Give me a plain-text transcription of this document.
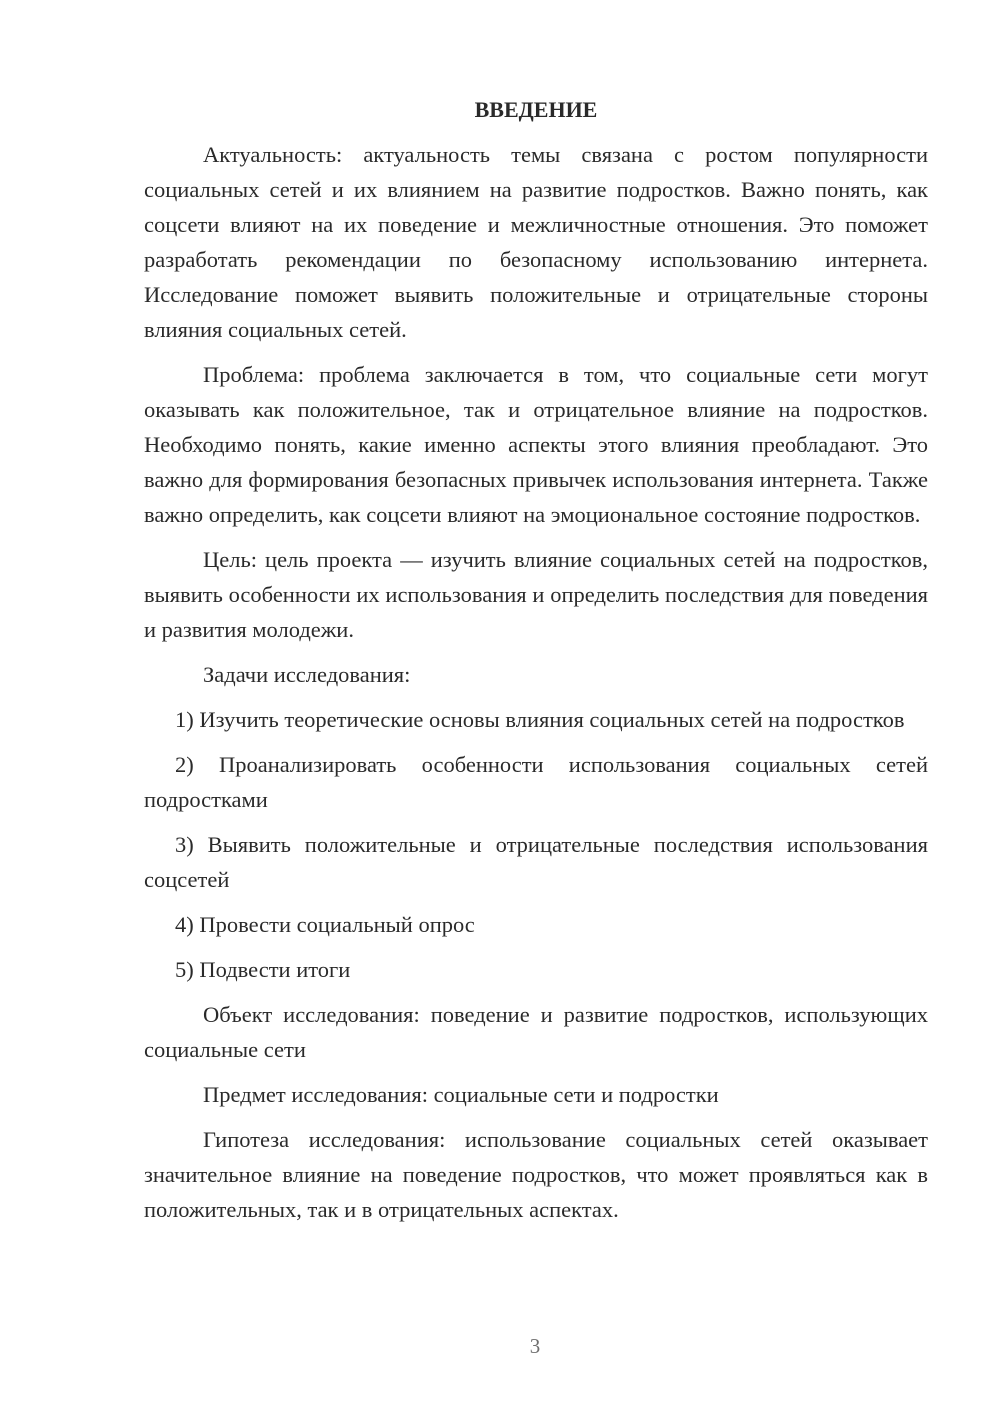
ВВЕДЕНИЕ

Актуальность: актуальность темы связана с ростом популярности социальных сетей и их влиянием на развитие подростков. Важно понять, как соцсети влияют на их поведение и межличностные отношения. Это поможет разработать рекомендации по безопасному использованию интернета. Исследование поможет выявить положительные и отрицательные стороны влияния социальных сетей.

Проблема: проблема заключается в том, что социальные сети могут оказывать как положительное, так и отрицательное влияние на подростков. Необходимо понять, какие именно аспекты этого влияния преобладают. Это важно для формирования безопасных привычек использования интернета. Также важно определить, как соцсети влияют на эмоциональное состояние подростков.

Цель: цель проекта — изучить влияние социальных сетей на подростков, выявить особенности их использования и определить последствия для поведения и развития молодежи.

Задачи исследования:

1) Изучить теоретические основы влияния социальных сетей на подростков

2) Проанализировать особенности использования социальных сетей подростками

3) Выявить положительные и отрицательные последствия использования соцсетей

4) Провести социальный опрос

5) Подвести итоги

Объект исследования: поведение и развитие подростков, использующих социальные сети

Предмет исследования: социальные сети и подростки

Гипотеза исследования: использование социальных сетей оказывает значительное влияние на поведение подростков, что может проявляться как в положительных, так и в отрицательных аспектах.

3
